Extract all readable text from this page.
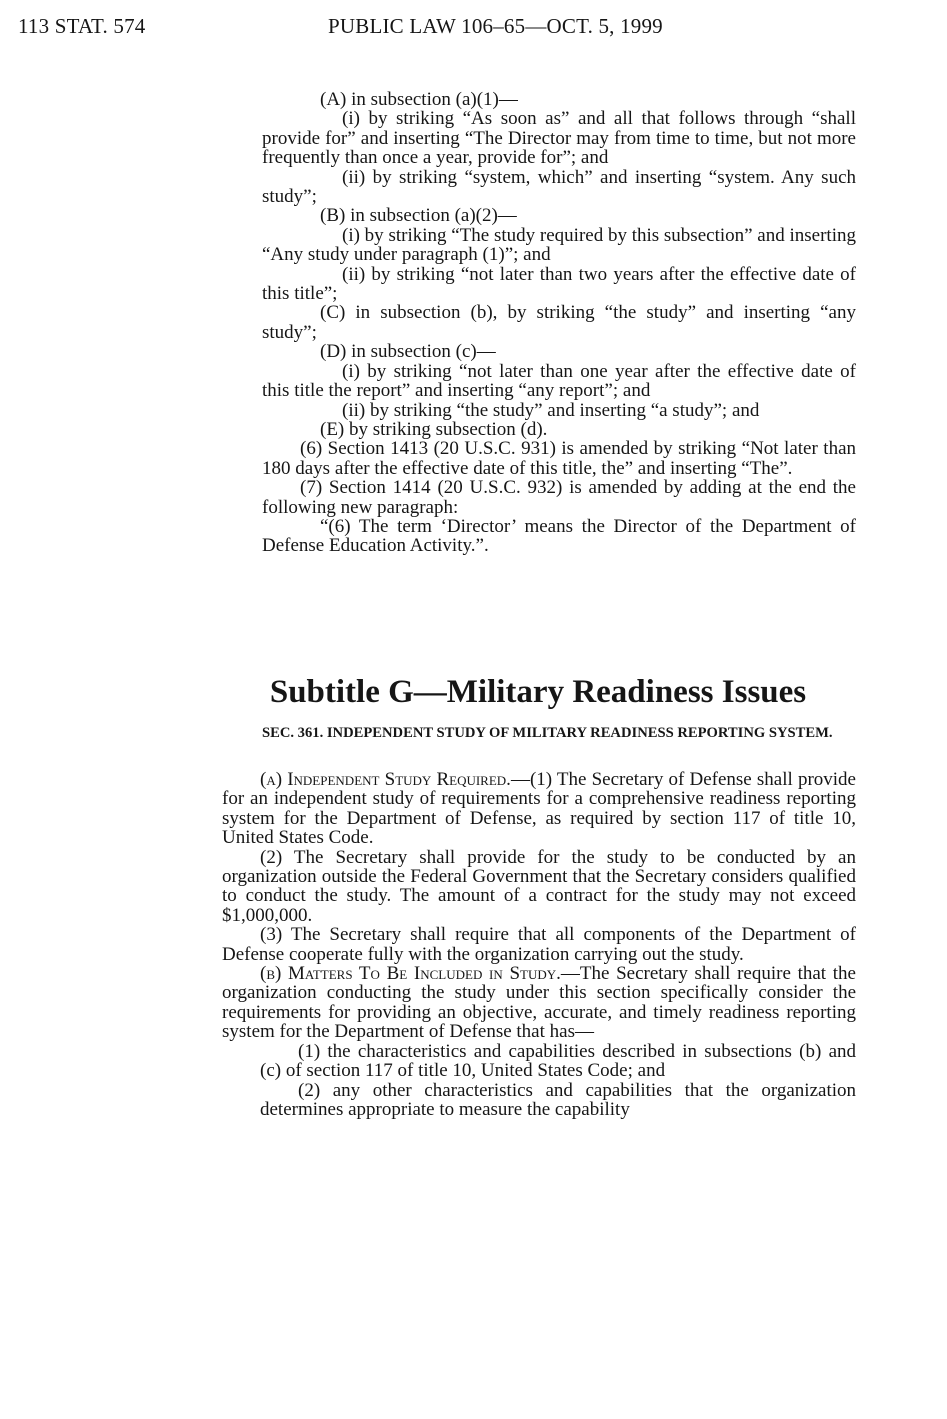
113 STAT. 574	PUBLIC LAW 106–65—OCT. 5, 1999

(A) in subsection (a)(1)—

(i) by striking “As soon as” and all that follows through “shall provide for” and inserting “The Director may from time to time, but not more frequently than once a year, provide for”; and

(ii) by striking “system, which” and inserting “system. Any such study”;

(B) in subsection (a)(2)—

(i) by striking “The study required by this subsection” and inserting “Any study under paragraph (1)”; and

(ii) by striking “not later than two years after the effective date of this title”;

(C) in subsection (b), by striking “the study” and inserting “any study”;

(D) in subsection (c)—

(i) by striking “not later than one year after the effective date of this title the report” and inserting “any report”; and

(ii) by striking “the study” and inserting “a study”; and

(E) by striking subsection (d).

(6) Section 1413 (20 U.S.C. 931) is amended by striking “Not later than 180 days after the effective date of this title, the” and inserting “The”.

(7) Section 1414 (20 U.S.C. 932) is amended by adding at the end the following new paragraph:

“(6) The term ‘Director’ means the Director of the Department of Defense Education Activity.”.

Subtitle G—Military Readiness Issues

SEC. 361. INDEPENDENT STUDY OF MILITARY READINESS REPORTING SYSTEM.

(a) Independent Study Required.—(1) The Secretary of Defense shall provide for an independent study of requirements for a comprehensive readiness reporting system for the Department of Defense, as required by section 117 of title 10, United States Code.

(2) The Secretary shall provide for the study to be conducted by an organization outside the Federal Government that the Secretary considers qualified to conduct the study. The amount of a contract for the study may not exceed $1,000,000.

(3) The Secretary shall require that all components of the Department of Defense cooperate fully with the organization carrying out the study.

(b) Matters To Be Included in Study.—The Secretary shall require that the organization conducting the study under this section specifically consider the requirements for providing an objective, accurate, and timely readiness reporting system for the Department of Defense that has—

(1) the characteristics and capabilities described in subsections (b) and (c) of section 117 of title 10, United States Code; and

(2) any other characteristics and capabilities that the organization determines appropriate to measure the capability
